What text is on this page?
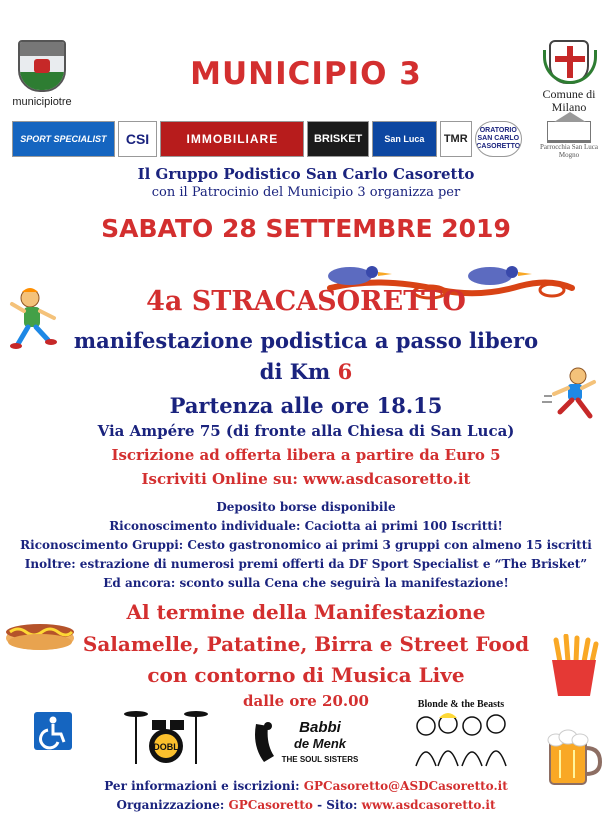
municipiotre
MUNICIPIO 3
Comune di
Milano
SPORT SPECIALIST	CSI	IMMOBILIARE	BRISKET	San Luca	TMR
ORATORIO SAN CARLO CASORETTO	Parrocchia San Luca Mogno
Il Gruppo Podistico San Carlo Casoretto
con il Patrocinio del Municipio 3 organizza per
SABATO 28 SETTEMBRE 2019
4a STRACASORETTO
manifestazione podistica a passo libero
di Km 6
Partenza alle ore 18.15
Via Ampére 75 (di fronte alla Chiesa di San Luca)
Iscrizione ad offerta libera a partire da Euro 5
Iscriviti Online su: www.asdcasoretto.it
Deposito borse disponibile
Riconoscimento individuale: Caciotta ai primi 100 Iscritti!
Riconoscimento Gruppi: Cesto gastronomico ai primi 3 gruppi con almeno 15 iscritti
Inoltre: estrazione di numerosi premi offerti da DF Sport Specialist e “The Brisket”
Ed ancora: sconto sulla Cena che seguirà la manifestazione!
Al termine della Manifestazione
Salamelle, Patatine, Birra e Street Food
con contorno di Musica Live
dalle ore 20.00
DOBL
Babbi
de Menk
THE SOUL SISTERS
Blonde & the Beasts
Per informazioni e iscrizioni: GPCasoretto@ASDCasoretto.it
Organizzazione: GPCasoretto - Sito: www.asdcasoretto.it
